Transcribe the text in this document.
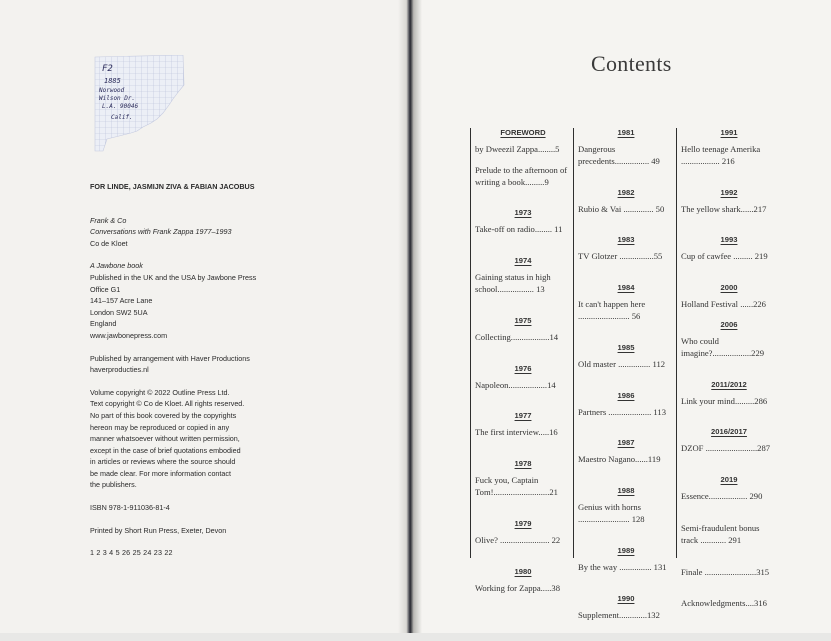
F2
1885
Norwood
Wilson Dr.
L.A. 90046
Calif.
FOR LINDE, JASMIJN ZIVA & FABIAN JACOBUS
Frank & Co
Conversations with Frank Zappa 1977–1993
Co de Kloet
A Jawbone book
Published in the UK and the USA by Jawbone Press
Office G1
141–157 Acre Lane
London SW2 5UA
England
www.jawbonepress.com
Published by arrangement with Haver Productions
haverproducties.nl
Volume copyright © 2022 Outline Press Ltd.
Text copyright © Co de Kloet. All rights reserved.
No part of this book covered by the copyrights
hereon may be reproduced or copied in any
manner whatsoever without written permission,
except in the case of brief quotations embodied
in articles or reviews where the source should
be made clear. For more information contact
the publishers.
ISBN 978-1-911036-81-4
Printed by Short Run Press, Exeter, Devon
1 2 3 4 5 26 25 24 23 22
Contents
FOREWORD
by Dweezil Zappa........5
Prelude to the afternoon of writing a book.........9
1973
Take-off on radio........ 11
1974
Gaining status in high school................. 13
1975
Collecting..................14
1976
Napoleon..................14
1977
The first interview.....16
1978
Fuck you, Captain Tom!..........................21
1979
Olive? ....................... 22
1980
Working for Zappa.....38
1981
Dangerous precedents................ 49
1982
Rubio & Vai .............. 50
1983
TV Glotzer ................55
1984
It can't happen here ........................ 56
1985
Old master ............... 112
1986
Partners .................... 113
1987
Maestro Nagano......119
1988
Genius with horns ........................ 128
1989
By the way ............... 131
1990
Supplement.............132
1991
Hello teenage Amerika .................. 216
1992
The yellow shark......217
1993
Cup of cawfee ......... 219
2000
Holland Festival ......226
2006
Who could imagine?..................229
2011/2012
Link your mind.........286
2016/2017
DZOF ........................287
2019
Essence.................. 290
Semi-fraudulent bonus track ............ 291
Finale ........................315
Acknowledgments....316
